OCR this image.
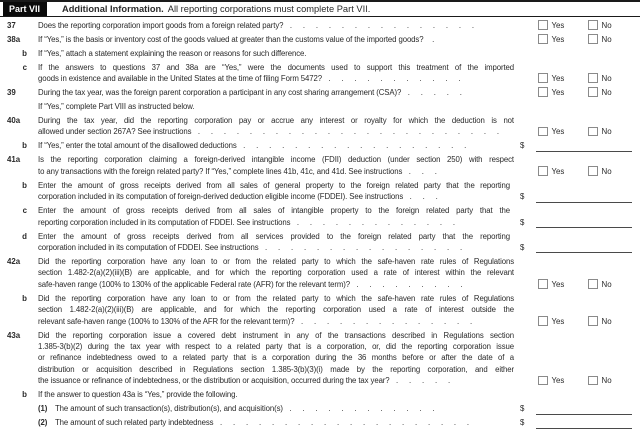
Part VII	Additional Information. All reporting corporations must complete Part VII.
37	Does the reporting corporation import goods from a foreign related party?   .     .     .     .     .     .     .     .     .     .     .     .     .     .     .	Yes	No
38a	If “Yes,” is the basis or inventory cost of the goods valued at greater than the customs value of the imported goods?    .	Yes	No
b	If “Yes,” attach a statement explaining the reason or reasons for such difference.
c	If the answers to questions 37 and 38a are “Yes,” were the documents used to support this treatment of the imported
goods in existence and available in the United States at the time of filing Form 5472?   .     .     .     .     .     .     .     .     .     .     .	Yes	No
39	During the tax year, was the foreign parent corporation a participant in any cost sharing arrangement (CSA)?   .     .     .     .     .	Yes	No
If “Yes,” complete Part VIII as instructed below.
40a	During the tax year, did the reporting corporation pay or accrue any interest or royalty for which the deduction is not
allowed under section 267A? See instructions   .     .     .     .     .     .     .     .     .     .     .     .     .     .     .     .     .     .     .     .     .     .     .     .	Yes	No
b	If “Yes,” enter the total amount of the disallowed deductions   .     .     .     .     .     .     .     .     .     .     .     .     .     .     .     .     .     .	$
41a	Is the reporting corporation claiming a foreign-derived intangible income (FDII) deduction (under section 250) with respect
to any transactions with the foreign related party? If “Yes,” complete lines 41b, 41c, and 41d. See instructions   .     .     .	Yes	No
b	Enter the amount of gross receipts derived from all sales of general property to the foreign related party that the reporting
corporation included in its computation of foreign-derived deduction eligible income (FDDEI). See instructions   .     .     .	$
c	Enter the amount of gross receipts derived from all sales of intangible property to the foreign related party that the
reporting corporation included in its computation of FDDEI. See instructions   .     .     .     .     .     .     .     .     .     .     .     .     .	$
d	Enter the amount of gross receipts derived from all services provided to the foreign related party that the reporting
corporation included in its computation of FDDEI. See instructions   .     .     .     .     .     .     .     .     .     .     .     .     .     .     .     .	$
42a	Did the reporting corporation have any loan to or from the related party to which the safe-haven rate rules of Regulations
section 1.482-2(a)(2)(iii)(B) are applicable, and for which the reporting corporation used a rate of interest within the relevant
safe-haven range (100% to 130% of the applicable Federal rate (AFR) for the relevant term)?   .     .     .     .     .     .     .     .     .	Yes	No
b	Did the reporting corporation have any loan to or from the related party to which the safe-haven rate rules of Regulations
section 1.482-2(a)(2)(iii)(B) are applicable, and for which the reporting corporation used a rate of interest outside the
relevant safe-haven range (100% to 130% of the AFR for the relevant term)?   .     .     .     .     .     .     .     .     .     .     .     .     .     .	Yes	No
43a	Did the reporting corporation issue a covered debt instrument in any of the transactions described in Regulations section
1.385-3(b)(2) during the tax year with respect to a related party that is a corporation, or, did the reporting corporation issue
or refinance indebtedness owed to a related party that is a corporation during the 36 months before or after the date of a
distribution or acquisition described in Regulations section 1.385-3(b)(3)(i) made by the reporting corporation, and either
the issuance or refinance of indebtedness, or the distribution or acquisition, occurred during the tax year?   .     .     .     .     .	Yes	No
b	If the answer to question 43a is “Yes,” provide the following.
(1) The amount of such transaction(s), distribution(s), and acquisition(s)   .     .     .     .     .     .     .     .     .     .     .     .	$
(2) The amount of such related party indebtedness   .     .     .     .     .     .     .     .     .     .     .     .     .     .     .     .     .     .     .     .	$
